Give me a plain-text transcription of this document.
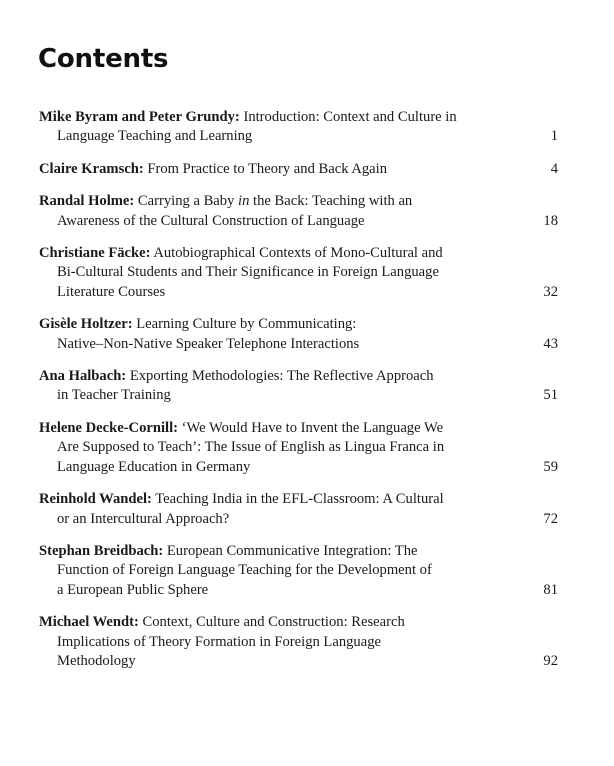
Contents
Mike Byram and Peter Grundy: Introduction: Context and Culture in
Language Teaching and Learning	1
Claire Kramsch: From Practice to Theory and Back Again	4
Randal Holme: Carrying a Baby in the Back: Teaching with an
Awareness of the Cultural Construction of Language	18
Christiane Fäcke: Autobiographical Contexts of Mono-Cultural and
Bi-Cultural Students and Their Significance in Foreign Language
Literature Courses	32
Gisèle Holtzer: Learning Culture by Communicating:
Native–Non-Native Speaker Telephone Interactions	43
Ana Halbach: Exporting Methodologies: The Reflective Approach
in Teacher Training	51
Helene Decke-Cornill: ‘We Would Have to Invent the Language We
Are Supposed to Teach’: The Issue of English as Lingua Franca in
Language Education in Germany	59
Reinhold Wandel: Teaching India in the EFL-Classroom: A Cultural
or an Intercultural Approach?	72
Stephan Breidbach: European Communicative Integration: The
Function of Foreign Language Teaching for the Development of
a European Public Sphere	81
Michael Wendt: Context, Culture and Construction: Research
Implications of Theory Formation in Foreign Language
Methodology	92
